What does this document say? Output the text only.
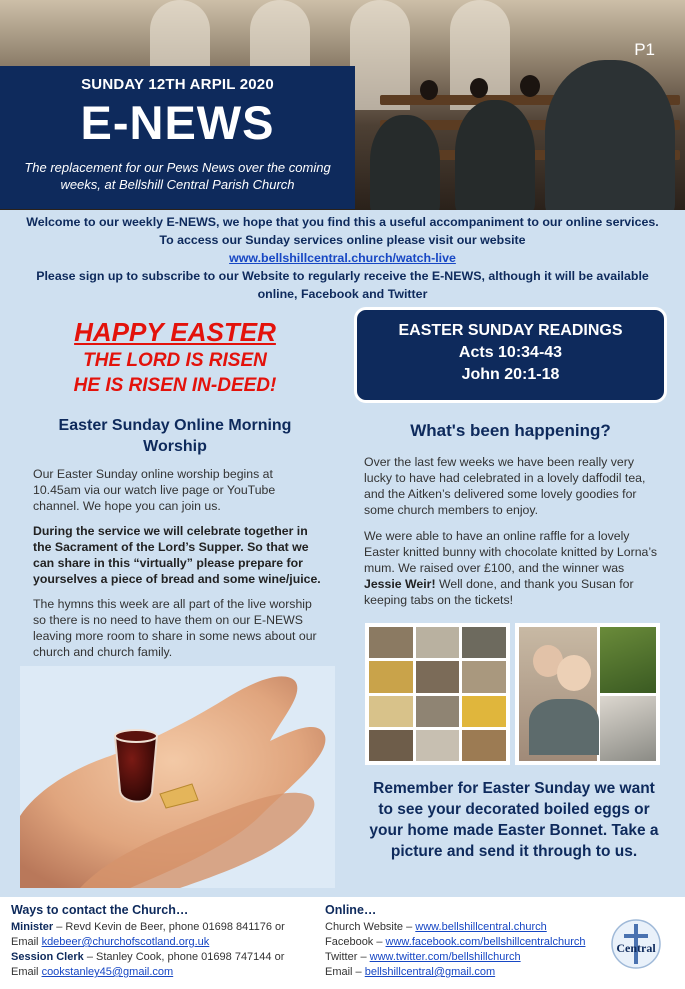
P1
SUNDAY 12TH ARPIL 2020
E-NEWS
The replacement for our Pews News over the coming weeks, at Bellshill Central Parish Church
Welcome to our weekly E-NEWS, we hope that you find this a useful accompaniment to our online services. To access our Sunday services online please visit our website
www.bellshillcentral.church/watch-live
Please sign up to subscribe to our Website to regularly receive the E-NEWS, although it will be available online, Facebook and Twitter
HAPPY EASTER
THE LORD IS RISEN
HE IS RISEN IN-DEED!
Easter Sunday Online Morning Worship

Our Easter Sunday online worship begins at 10.45am via our watch live page or YouTube channel. We hope you can join us.

During the service we will celebrate together in the Sacrament of the Lord’s Supper. So that we can share in this “virtually” please prepare for yourselves a piece of bread and some wine/juice.

The hymns this week are all part of the live worship so there is no need to have them on our E-NEWS leaving more room to share in some news about our church and church family.

EASTER SUNDAY READINGS
Acts 10:34-43
John 20:1-18
What's been happening?

Over the last few weeks we have been really very lucky to have had celebrated in a lovely daffodil tea, and the Aitken’s delivered some lovely goodies for some church members to enjoy.

We were able to have an online raffle for a lovely Easter knitted bunny with chocolate knitted by Lorna’s mum. We raised over £100, and the winner was Jessie Weir! Well done, and thank you Susan for keeping tabs on the tickets!

Remember for Easter Sunday we want to see your decorated boiled eggs or your home made Easter Bonnet. Take a picture and send it through to us.
Ways to contact the Church…
Minister – Revd Kevin de Beer, phone 01698 841176 or
Email kdebeer@churchofscotland.org.uk
Session Clerk – Stanley Cook, phone 01698 747144 or
Email cookstanley45@gmail.com
Online…
Church Website – www.bellshillcentral.church
Facebook – www.facebook.com/bellshillcentralchurch
Twitter – www.twitter.com/bellshillchurch
Email – bellshillcentral@gmail.com
Central
